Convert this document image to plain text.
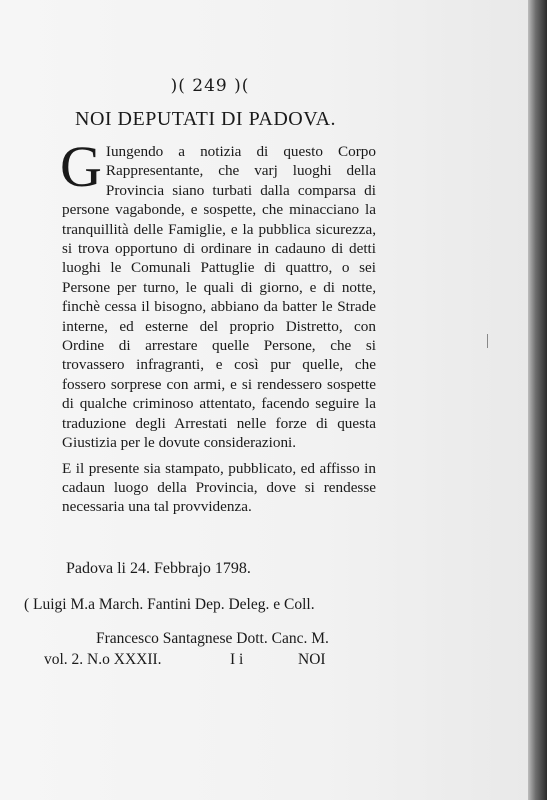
)( 249 )(
NOI DEPUTATI DI PADOVA.
G Iungendo a notizia di questo Corpo Rappresentante, che varj luoghi della Provincia siano turbati dalla comparsa di persone vagabonde, e sospette, che minacciano la tranquillità delle Famiglie, e la pubblica sicurezza, si trova opportuno di ordinare in cadauno di detti luoghi le Comunali Pattuglie di quattro, o sei Persone per turno, le quali di giorno, e di notte, finchè cessa il bisogno, abbiano da batter le Strade interne, ed esterne del proprio Distretto, con Ordine di arrestare quelle Persone, che si trovassero infragranti, e così pur quelle, che fossero sorprese con armi, e si rendessero sospette di qualche criminoso attentato, facendo seguire la traduzione degli Arrestati nelle forze di questa Giustizia per le dovute considerazioni.
E il presente sia stampato, pubblicato, ed affisso in cadaun luogo della Provincia, dove si rendesse necessaria una tal provvidenza.
Padova li 24. Febbrajo 1798.
( Luigi M.a March. Fantini Dep. Deleg. e Coll.
Francesco Santagnese Dott. Canc. M.
vol. 2. N.o XXXII.	I i	NOI
